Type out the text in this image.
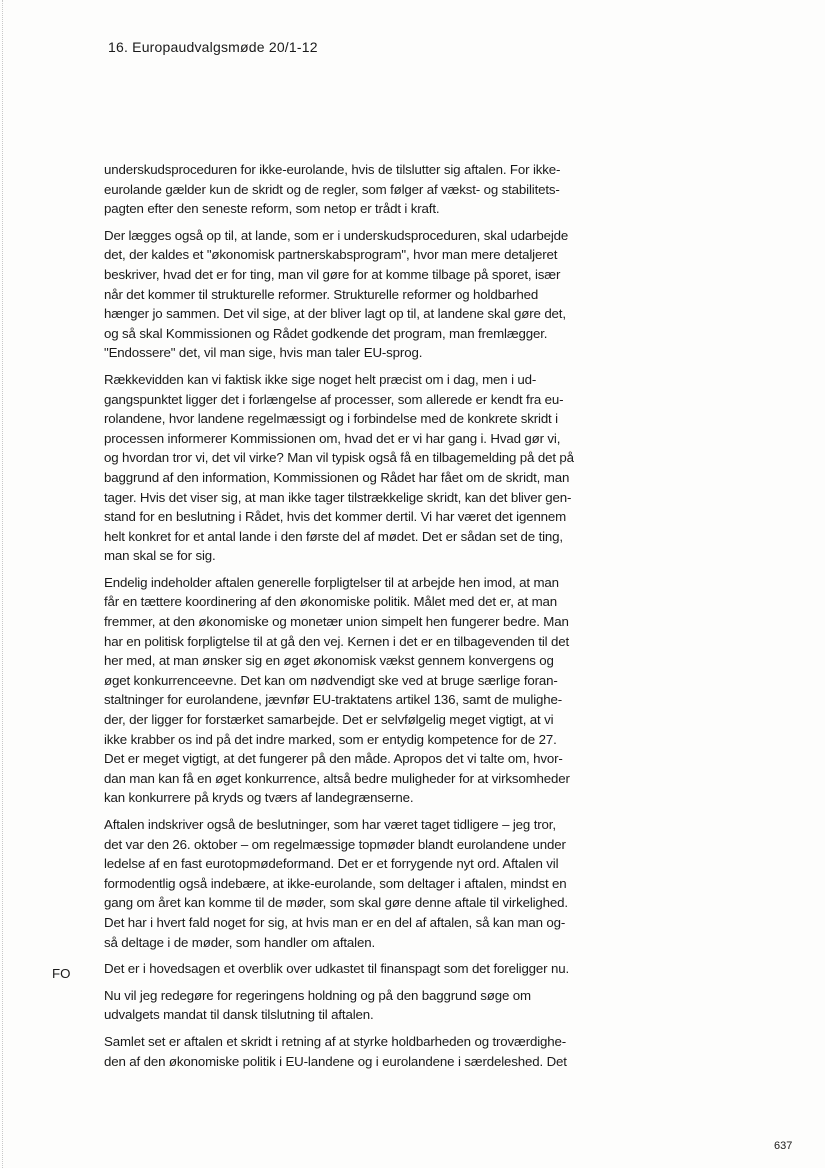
16. Europaudvalgsmøde 20/1-12

underskudsproceduren for ikke-eurolande, hvis de tilslutter sig aftalen. For ikke-
eurolande gælder kun de skridt og de regler, som følger af vækst- og stabilitets-
pagten efter den seneste reform, som netop er trådt i kraft.

Der lægges også op til, at lande, som er i underskudsproceduren, skal udarbejde
det, der kaldes et "økonomisk partnerskabsprogram", hvor man mere detaljeret
beskriver, hvad det er for ting, man vil gøre for at komme tilbage på sporet, især
når det kommer til strukturelle reformer. Strukturelle reformer og holdbarhed
hænger jo sammen. Det vil sige, at der bliver lagt op til, at landene skal gøre det,
og så skal Kommissionen og Rådet godkende det program, man fremlægger.
"Endossere" det, vil man sige, hvis man taler EU-sprog.

Rækkevidden kan vi faktisk ikke sige noget helt præcist om i dag, men i ud-
gangspunktet ligger det i forlængelse af processer, som allerede er kendt fra eu-
rolandene, hvor landene regelmæssigt og i forbindelse med de konkrete skridt i
processen informerer Kommissionen om, hvad det er vi har gang i. Hvad gør vi,
og hvordan tror vi, det vil virke? Man vil typisk også få en tilbagemelding på det på
baggrund af den information, Kommissionen og Rådet har fået om de skridt, man
tager. Hvis det viser sig, at man ikke tager tilstrækkelige skridt, kan det bliver gen-
stand for en beslutning i Rådet, hvis det kommer dertil. Vi har været det igennem
helt konkret for et antal lande i den første del af mødet. Det er sådan set de ting,
man skal se for sig.

Endelig indeholder aftalen generelle forpligtelser til at arbejde hen imod, at man
får en tættere koordinering af den økonomiske politik. Målet med det er, at man
fremmer, at den økonomiske og monetær union simpelt hen fungerer bedre. Man
har en politisk forpligtelse til at gå den vej. Kernen i det er en tilbagevenden til det
her med, at man ønsker sig en øget økonomisk vækst gennem konvergens og
øget konkurrenceevne. Det kan om nødvendigt ske ved at bruge særlige foran-
staltninger for eurolandene, jævnfør EU-traktatens artikel 136, samt de mulighe-
der, der ligger for forstærket samarbejde. Det er selvfølgelig meget vigtigt, at vi
ikke krabber os ind på det indre marked, som er entydig kompetence for de 27.
Det er meget vigtigt, at det fungerer på den måde. Apropos det vi talte om, hvor-
dan man kan få en øget konkurrence, altså bedre muligheder for at virksomheder
kan konkurrere på kryds og tværs af landegrænserne.

Aftalen indskriver også de beslutninger, som har været taget tidligere – jeg tror,
det var den 26. oktober – om regelmæssige topmøder blandt eurolandene under
ledelse af en fast eurotopmødeformand. Det er et forrygende nyt ord. Aftalen vil
formodentlig også indebære, at ikke-eurolande, som deltager i aftalen, mindst en
gang om året kan komme til de møder, som skal gøre denne aftale til virkelighed.
Det har i hvert fald noget for sig, at hvis man er en del af aftalen, så kan man og-
så deltage i de møder, som handler om aftalen.

Det er i hovedsagen et overblik over udkastet til finanspagt som det foreligger nu.

Nu vil jeg redegøre for regeringens holdning og på den baggrund søge om
udvalgets mandat til dansk tilslutning til aftalen.

Samlet set er aftalen et skridt i retning af at styrke holdbarheden og troværdighe-
den af den økonomiske politik i EU-landene og i eurolandene i særdeleshed. Det

FO
637
